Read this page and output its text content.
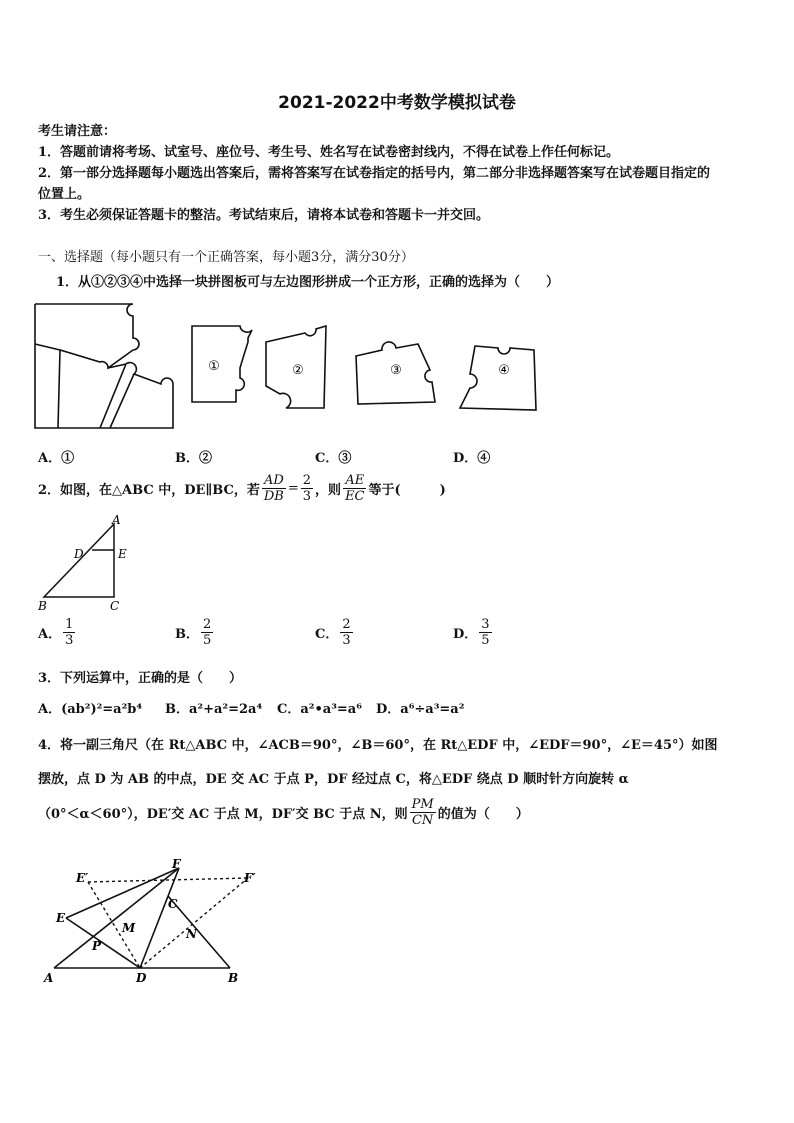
2021-2022中考数学模拟试卷
考生请注意：
1．答题前请将考场、试室号、座位号、考生号、姓名写在试卷密封线内，不得在试卷上作任何标记。
2．第一部分选择题每小题选出答案后，需将答案写在试卷指定的括号内，第二部分非选择题答案写在试卷题目指定的
位置上。
3．考生必须保证答题卡的整洁。考试结束后，请将本试卷和答题卡一并交回。
一、选择题（每小题只有一个正确答案，每小题3分，满分30分）
1．从①②③④中选择一块拼图板可与左边图形拼成一个正方形，正确的选择为（　　）
①	②	③	④
A．①	B．②	C．③	D．④
2．如图，在△ABC 中，DE∥BC，若 $\frac{AD}{DB} = \frac{2}{3}$ ，则 $\frac{AE}{EC}$ 等于(　　　)
A
D	E
B	C
A． $\frac{1}{3}$	B． $\frac{2}{5}$	C． $\frac{2}{3}$	D． $\frac{3}{5}$
3．下列运算中，正确的是（　　）
A．(ab²)²=a²b⁴ B．a²+a²=2a⁴ C．a²•a³=a⁶ D．a⁶÷a³=a²
4．将一副三角尺（在 Rt△ABC 中，∠ACB＝90°，∠B＝60°，在 Rt△EDF 中，∠EDF＝90°，∠E＝45°）如图
摆放，点 D 为 AB 的中点，DE 交 AC 于点 P，DF 经过点 C，将△EDF 绕点 D 顺时针方向旋转 α
（0°＜α＜60°），DE′交 AC 于点 M，DF′交 BC 于点 N，则 $\frac{PM}{CN}$ 的值为（　　）
F
E′	F′
E
C
M	N
P
A	D	B
